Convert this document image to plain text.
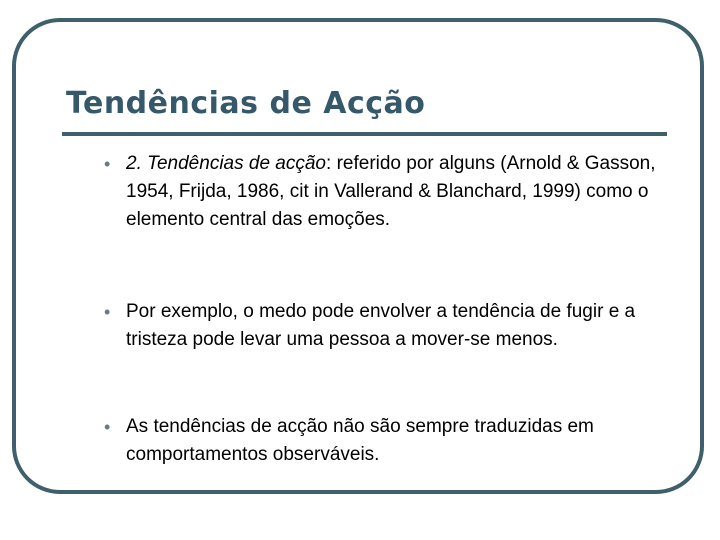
Tendências de Acção
• 2. Tendências de acção: referido por alguns (Arnold & Gasson, 1954, Frijda, 1986, cit in Vallerand & Blanchard, 1999) como o elemento central das emoções.
• Por exemplo, o medo pode envolver a tendência de fugir e a tristeza pode levar uma pessoa a mover-se menos.
• As tendências de acção não são sempre traduzidas em comportamentos observáveis.
